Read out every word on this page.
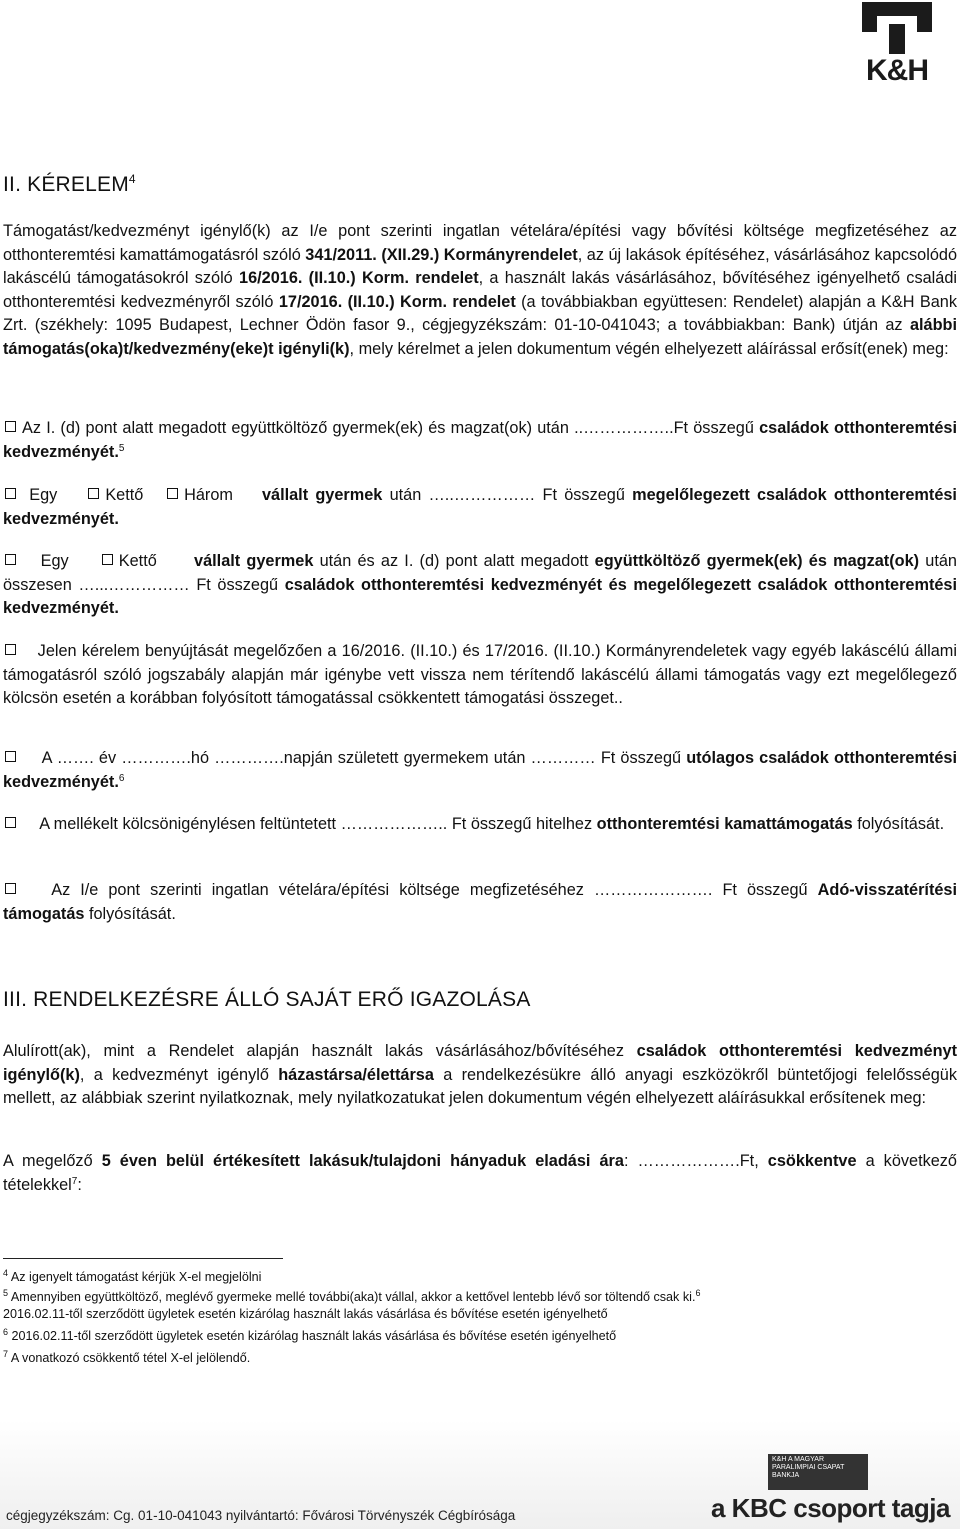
K&H
II. KÉRELEM$^4$
Támogatást/kedvezményt igénylő(k) az I/e pont szerinti ingatlan vételára/építési vagy bővítési költsége megfizetéséhez az otthonteremtési kamattámogatásról szóló 341/2011. (XII.29.) Kormányrendelet, az új lakások építéséhez, vásárlásához kapcsolódó lakáscélú támogatásokról szóló 16/2016. (II.10.) Korm. rendelet, a használt lakás vásárlásához, bővítéséhez igényelhető családi otthonteremtési kedvezményről szóló 17/2016. (II.10.) Korm. rendelet (a továbbiakban együttesen: Rendelet) alapján a K&H Bank Zrt. (székhely: 1095 Budapest, Lechner Ödön fasor 9., cégjegyzékszám: 01-10-041043; a továbbiakban: Bank) útján az alábbi támogatás(oka)t/kedvezmény(eke)t igényli(k), mely kérelmet a jelen dokumentum végén elhelyezett aláírással erősít(enek) meg:
Az I. (d) pont alatt megadott együttköltöző gyermek(ek) és magzat(ok) után ..……………..Ft összegű családok otthonteremtési kedvezményét.$^5$
Egy	Kettő	Három vállalt gyermek után …..…………… Ft összegű megelőlegezett családok otthonteremtési kedvezményét.
Egy	Kettő vállalt gyermek után és az I. (d) pont alatt megadott együttköltöző gyermek(ek) és magzat(ok) után összesen …...…………… Ft összegű családok otthonteremtési kedvezményét és megelőlegezett családok otthonteremtési kedvezményét.
Jelen kérelem benyújtását megelőzően a 16/2016. (II.10.) és 17/2016. (II.10.) Kormányrendeletek vagy egyéb lakáscélú állami támogatásról szóló jogszabály alapján már igénybe vett vissza nem térítendő lakáscélú állami támogatás vagy ezt megelőlegező kölcsön esetén a korábban folyósított támogatással csökkentett támogatási összeget..
A ……. év ………….hó ………….napján született gyermekem után ………… Ft összegű utólagos családok otthonteremtési kedvezményét.$^6$
A mellékelt kölcsönigénylésen feltüntetett ……………….. Ft összegű hitelhez otthonteremtési kamattámogatás folyósítását.
Az I/e pont szerinti ingatlan vételára/építési költsége megfizetéséhez …………………. Ft összegű Adó-visszatérítési támogatás folyósítását.
III. RENDELKEZÉSRE ÁLLÓ SAJÁT ERŐ IGAZOLÁSA
Alulírott(ak), mint a Rendelet alapján használt lakás vásárlásához/bővítéséhez családok otthonteremtési kedvezményt igénylő(k), a kedvezményt igénylő házastársa/élettársa a rendelkezésükre álló anyagi eszközökről büntetőjogi felelősségük mellett, az alábbiak szerint nyilatkoznak, mely nyilatkozatukat jelen dokumentum végén elhelyezett aláírásukkal erősítenek meg:
A megelőző 5 éven belül értékesített lakásuk/tulajdoni hányaduk eladási ára: ……………….Ft, csökkentve a következő tételekkel$^7$:
$^4$ Az igenyelt támogatást kérjük X-el megjelölni
$^5$ Amennyiben együttköltöző, meglévő gyermeke mellé további(aka)t vállal, akkor a kettővel lentebb lévő sor töltendő csak ki.$^6$
2016.02.11-től szerződött ügyletek esetén kizárólag használt lakás vásárlása és bővítése esetén igényelhető
$^6$ 2016.02.11-től szerződött ügyletek esetén kizárólag használt lakás vásárlása és bővítése esetén igényelhető
$^7$ A vonatkozó csökkentő tétel X-el jelölendő.
K&H A MAGYAR PARALIMPIAI CSAPAT BANKJA
cégjegyzékszám: Cg. 01-10-041043 nyilvántartó: Fővárosi Törvényszék Cégbírósága	a KBC csoport tagja
